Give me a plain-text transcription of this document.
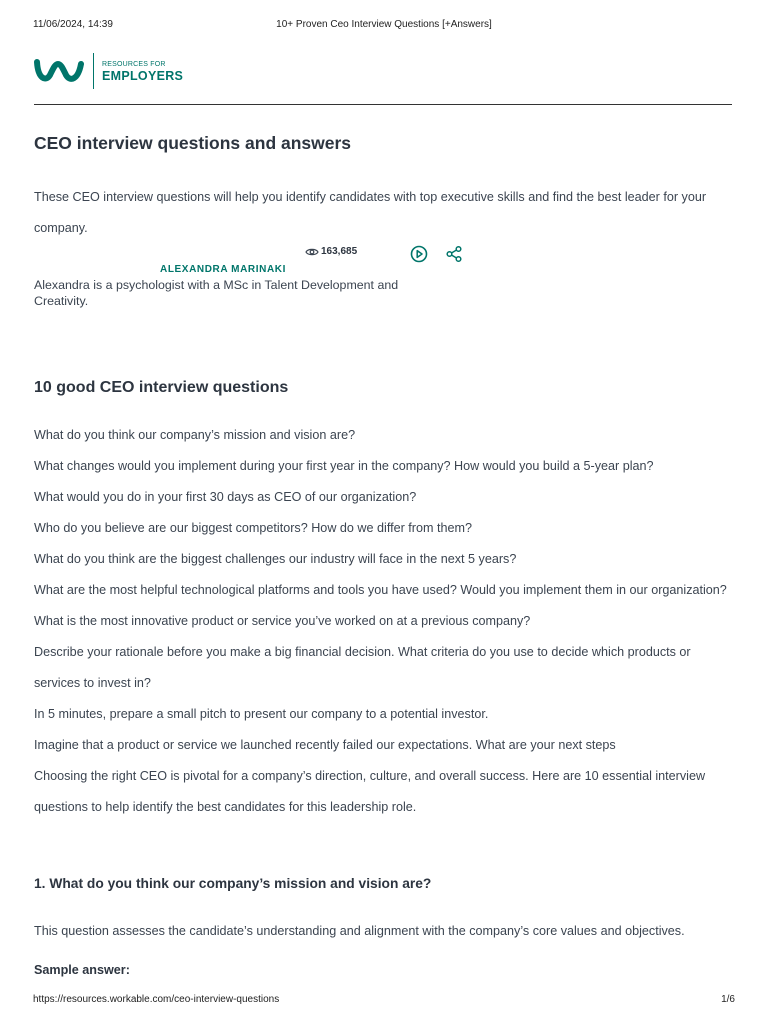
11/06/2024, 14:39	10+ Proven Ceo Interview Questions [+Answers]
RESOURCES FOR
EMPLOYERS
CEO interview questions and answers
These CEO interview questions will help you identify candidates with top executive skills and find the best leader for your company.
163,685
ALEXANDRA MARINAKI
Alexandra is a psychologist with a MSc in Talent Development and Creativity.
10 good CEO interview questions
What do you think our company’s mission and vision are?
What changes would you implement during your first year in the company? How would you build a 5-year plan?
What would you do in your first 30 days as CEO of our organization?
Who do you believe are our biggest competitors? How do we differ from them?
What do you think are the biggest challenges our industry will face in the next 5 years?
What are the most helpful technological platforms and tools you have used? Would you implement them in our organization?
What is the most innovative product or service you’ve worked on at a previous company?
Describe your rationale before you make a big financial decision. What criteria do you use to decide which products or services to invest in?
In 5 minutes, prepare a small pitch to present our company to a potential investor.
Imagine that a product or service we launched recently failed our expectations. What are your next steps
Choosing the right CEO is pivotal for a company’s direction, culture, and overall success. Here are 10 essential interview questions to help identify the best candidates for this leadership role.
1. What do you think our company’s mission and vision are?
This question assesses the candidate’s understanding and alignment with the company’s core values and objectives.
Sample answer:
https://resources.workable.com/ceo-interview-questions	1/6
